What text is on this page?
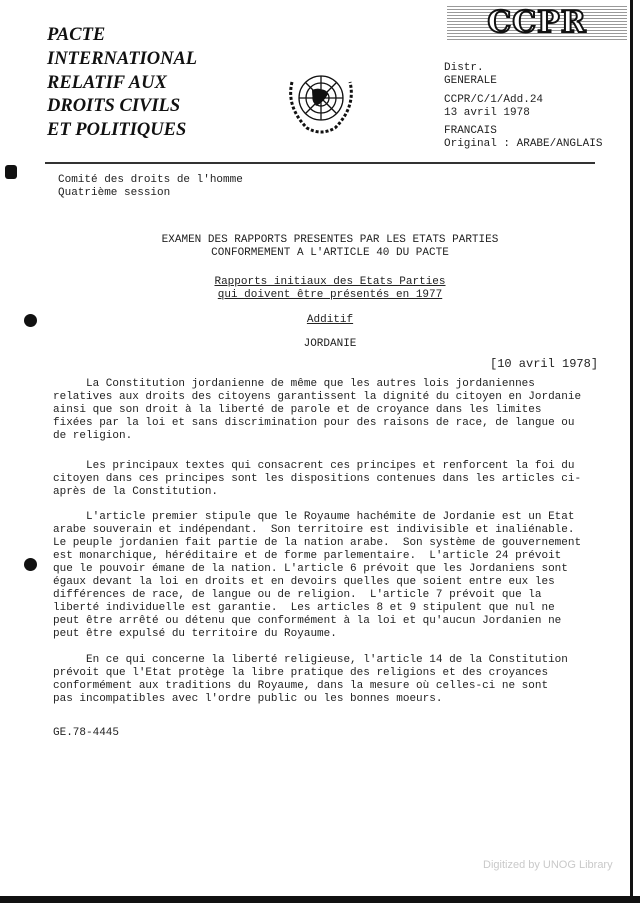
PACTE
INTERNATIONAL
RELATIF AUX
DROITS CIVILS
ET POLITIQUES
CCPR
Distr.
GENERALE
CCPR/C/1/Add.24
13 avril 1978
FRANCAIS
Original : ARABE/ANGLAIS
Comité des droits de l'homme
Quatrième session
EXAMEN DES RAPPORTS PRESENTES PAR LES ETATS PARTIES
CONFORMEMENT A L'ARTICLE 40 DU PACTE
Rapports initiaux des Etats Parties
qui doivent être présentés en 1977
Additif
JORDANIE
[10 avril 1978]
La Constitution jordanienne de même que les autres lois jordaniennes
relatives aux droits des citoyens garantissent la dignité du citoyen en Jordanie
ainsi que son droit à la liberté de parole et de croyance dans les limites
fixées par la loi et sans discrimination pour des raisons de race, de langue ou
de religion.
Les principaux textes qui consacrent ces principes et renforcent la foi du
citoyen dans ces principes sont les dispositions contenues dans les articles ci-
après de la Constitution.
L'article premier stipule que le Royaume hachémite de Jordanie est un Etat
arabe souverain et indépendant.  Son territoire est indivisible et inaliénable.
Le peuple jordanien fait partie de la nation arabe.  Son système de gouvernement
est monarchique, héréditaire et de forme parlementaire.  L'article 24 prévoit
que le pouvoir émane de la nation. L'article 6 prévoit que les Jordaniens sont
égaux devant la loi en droits et en devoirs quelles que soient entre eux les
différences de race, de langue ou de religion.  L'article 7 prévoit que la
liberté individuelle est garantie.  Les articles 8 et 9 stipulent que nul ne
peut être arrêté ou détenu que conformément à la loi et qu'aucun Jordanien ne
peut être expulsé du territoire du Royaume.
En ce qui concerne la liberté religieuse, l'article 14 de la Constitution
prévoit que l'Etat protège la libre pratique des religions et des croyances
conformément aux traditions du Royaume, dans la mesure où celles-ci ne sont
pas incompatibles avec l'ordre public ou les bonnes moeurs.
GE.78-4445
Digitized by UNOG Library
